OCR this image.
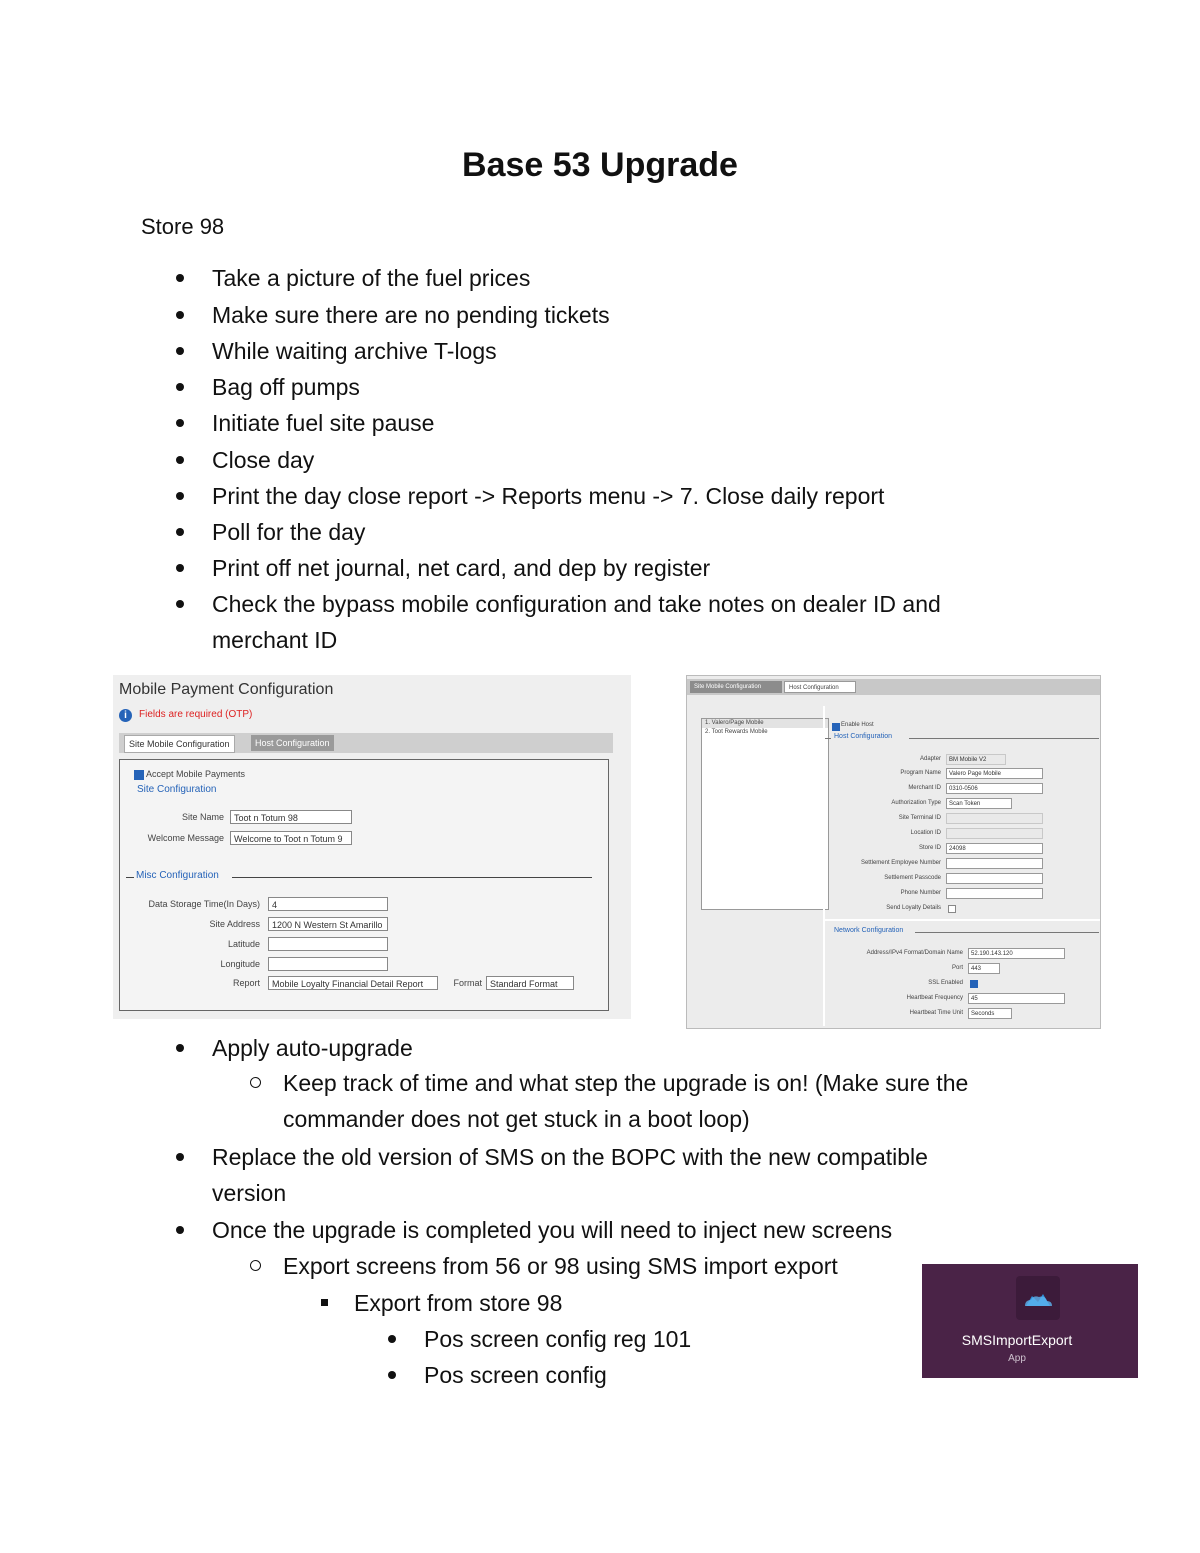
Base 53 Upgrade
Store 98
Take a picture of the fuel prices
Make sure there are no pending tickets
While waiting archive T-logs
Bag off pumps
Initiate fuel site pause
Close day
Print the day close report -> Reports menu -> 7. Close daily report
Poll for the day
Print off net journal, net card, and dep by register
Check the bypass mobile configuration and take notes on dealer ID and merchant ID
Mobile Payment Configuration
i	Fields are required (OTP)
Site Mobile Configuration	Host Configuration
Accept Mobile Payments
Site Configuration
Site Name	Toot n Totum 98
Welcome Message	Welcome to Toot n Totum 9
Misc Configuration
Data Storage Time(In Days)	4
Site Address	1200 N Western St Amarillo
Latitude
Longitude
Report	Mobile Loyalty Financial Detail Report	Format Standard Format
Site Mobile Configuration	Host Configuration
1. Valero/Page Mobile
2. Toot Rewards Mobile
Enable Host
Host Configuration
Adapter	BM Mobile V2
Program Name	Valero Page Mobile
Merchant ID	0310-0506
Authorization Type	Scan Token
Site Terminal ID
Location ID
Store ID	24098
Settlement Employee Number
Settlement Passcode
Phone Number
Send Loyalty Details
Network Configuration
Address/IPv4 Format/Domain Name	52.190.143.120
Port	443
SSL Enabled
Heartbeat Frequency	45
Heartbeat Time Unit	Seconds
Apply auto-upgrade
Keep track of time and what step the upgrade is on! (Make sure the commander does not get stuck in a boot loop)
Replace the old version of SMS on the BOPC with the new compatible version
Once the upgrade is completed you will need to inject new screens
Export screens from 56 or 98 using SMS import export
Export from store 98
Pos screen config reg 101
Pos screen config
SMSImportExport
App
